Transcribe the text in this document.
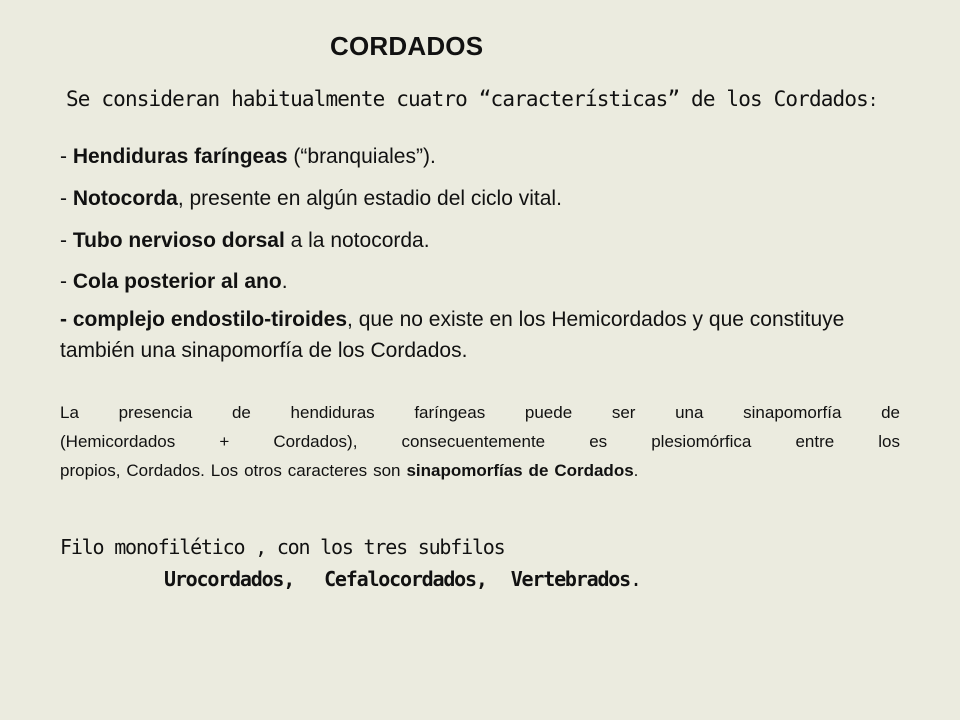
CORDADOS
Se consideran habitualmente cuatro “características” de los Cordados:
- Hendiduras faríngeas (“branquiales”).
- Notocorda, presente en algún estadio del ciclo vital.
- Tubo nervioso dorsal a la notocorda.
- Cola posterior al ano.
- complejo endostilo-tiroides, que no existe en los Hemicordados y que constituye también una sinapomorfía de los Cordados.
La presencia de hendiduras faríngeas puede ser una sinapomorfía de
(Hemicordados + Cordados), consecuentemente es plesiomórfica entre los
propios, Cordados. Los otros caracteres son sinapomorfías de Cordados.
Filo monofilético , con los tres subfilos
Urocordados, Cefalocordados, Vertebrados.
